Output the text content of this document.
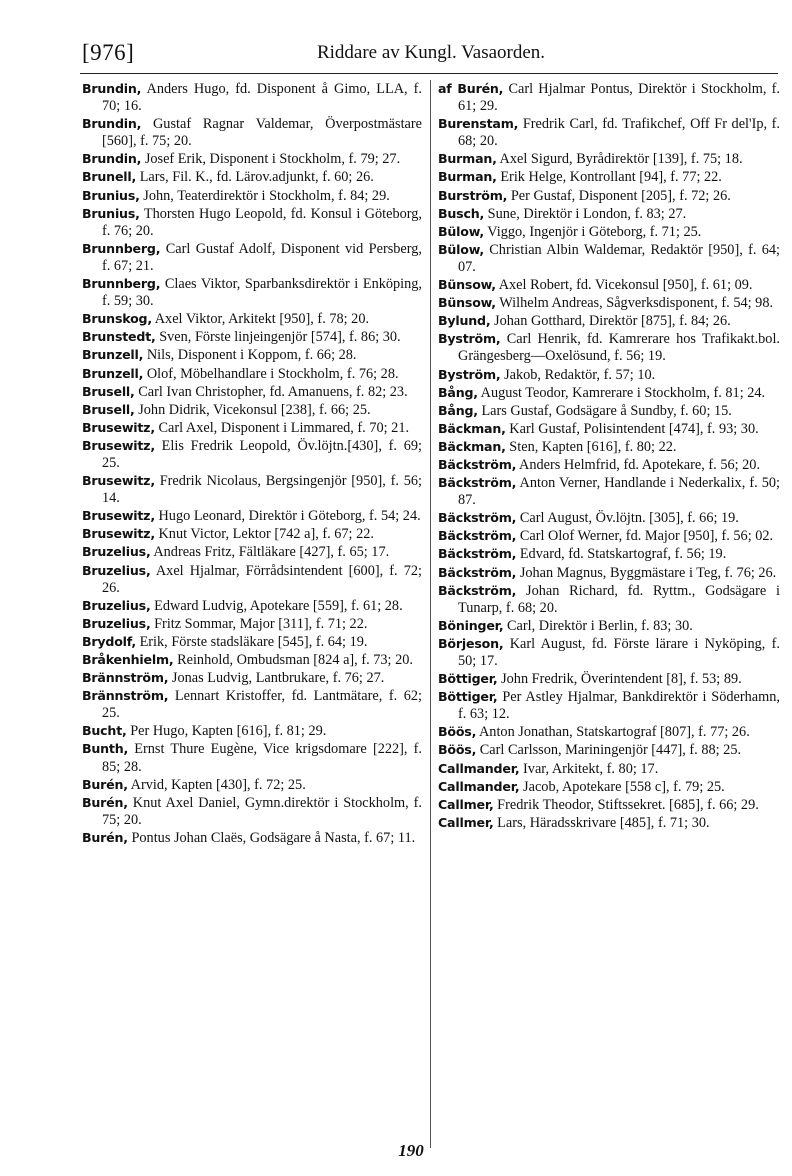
[976]	Riddare av Kungl. Vasaorden.

Brundin, Anders Hugo, fd. Disponent å Gimo, LLA, f. 70; 16.

Brundin, Gustaf Ragnar Valdemar, Överpostmästare [560], f. 75; 20.

Brundin, Josef Erik, Disponent i Stockholm, f. 79; 27.

Brunell, Lars, Fil. K., fd. Lärov.adjunkt, f. 60; 26.

Brunius, John, Teaterdirektör i Stockholm, f. 84; 29.

Brunius, Thorsten Hugo Leopold, fd. Konsul i Göteborg, f. 76; 20.

Brunnberg, Carl Gustaf Adolf, Disponent vid Persberg, f. 67; 21.

Brunnberg, Claes Viktor, Sparbanksdirektör i Enköping, f. 59; 30.

Brunskog, Axel Viktor, Arkitekt [950], f. 78; 20.

Brunstedt, Sven, Förste linjeingenjör [574], f. 86; 30.

Brunzell, Nils, Disponent i Koppom, f. 66; 28.

Brunzell, Olof, Möbelhandlare i Stockholm, f. 76; 28.

Brusell, Carl Ivan Christopher, fd. Amanuens, f. 82; 23.

Brusell, John Didrik, Vicekonsul [238], f. 66; 25.

Brusewitz, Carl Axel, Disponent i Limmared, f. 70; 21.

Brusewitz, Elis Fredrik Leopold, Öv.löjtn.[430], f. 69; 25.

Brusewitz, Fredrik Nicolaus, Bergsingenjör [950], f. 56; 14.

Brusewitz, Hugo Leonard, Direktör i Göteborg, f. 54; 24.

Brusewitz, Knut Victor, Lektor [742 a], f. 67; 22.

Bruzelius, Andreas Fritz, Fältläkare [427], f. 65; 17.

Bruzelius, Axel Hjalmar, Förrådsintendent [600], f. 72; 26.

Bruzelius, Edward Ludvig, Apotekare [559], f. 61; 28.

Bruzelius, Fritz Sommar, Major [311], f. 71; 22.

Brydolf, Erik, Förste stadsläkare [545], f. 64; 19.

Bråkenhielm, Reinhold, Ombudsman [824 a], f. 73; 20.

Brännström, Jonas Ludvig, Lantbrukare, f. 76; 27.

Brännström, Lennart Kristoffer, fd. Lantmätare, f. 62; 25.

Bucht, Per Hugo, Kapten [616], f. 81; 29.

Bunth, Ernst Thure Eugène, Vice krigsdomare [222], f. 85; 28.

Burén, Arvid, Kapten [430], f. 72; 25.

Burén, Knut Axel Daniel, Gymn.direktör i Stockholm, f. 75; 20.

Burén, Pontus Johan Claës, Godsägare å Nasta, f. 67; 11.

af Burén, Carl Hjalmar Pontus, Direktör i Stockholm, f. 61; 29.

Burenstam, Fredrik Carl, fd. Trafikchef, Off Fr del'Ip, f. 68; 20.

Burman, Axel Sigurd, Byrådirektör [139], f. 75; 18.

Burman, Erik Helge, Kontrollant [94], f. 77; 22.

Burström, Per Gustaf, Disponent [205], f. 72; 26.

Busch, Sune, Direktör i London, f. 83; 27.

Bülow, Viggo, Ingenjör i Göteborg, f. 71; 25.

Bülow, Christian Albin Waldemar, Redaktör [950], f. 64; 07.

Bünsow, Axel Robert, fd. Vicekonsul [950], f. 61; 09.

Bünsow, Wilhelm Andreas, Sågverksdisponent, f. 54; 98.

Bylund, Johan Gotthard, Direktör [875], f. 84; 26.

Byström, Carl Henrik, fd. Kamrerare hos Trafikakt.bol. Grängesberg—Oxelösund, f. 56; 19.

Byström, Jakob, Redaktör, f. 57; 10.

Bång, August Teodor, Kamrerare i Stockholm, f. 81; 24.

Bång, Lars Gustaf, Godsägare å Sundby, f. 60; 15.

Bäckman, Karl Gustaf, Polisintendent [474], f. 93; 30.

Bäckman, Sten, Kapten [616], f. 80; 22.

Bäckström, Anders Helmfrid, fd. Apotekare, f. 56; 20.

Bäckström, Anton Verner, Handlande i Nederkalix, f. 50; 87.

Bäckström, Carl August, Öv.löjtn. [305], f. 66; 19.

Bäckström, Carl Olof Werner, fd. Major [950], f. 56; 02.

Bäckström, Edvard, fd. Statskartograf, f. 56; 19.

Bäckström, Johan Magnus, Byggmästare i Teg, f. 76; 26.

Bäckström, Johan Richard, fd. Ryttm., Godsägare i Tunarp, f. 68; 20.

Böninger, Carl, Direktör i Berlin, f. 83; 30.

Börjeson, Karl August, fd. Förste lärare i Nyköping, f. 50; 17.

Böttiger, John Fredrik, Överintendent [8], f. 53; 89.

Böttiger, Per Astley Hjalmar, Bankdirektör i Söderhamn, f. 63; 12.

Böös, Anton Jonathan, Statskartograf [807], f. 77; 26.

Böös, Carl Carlsson, Mariningenjör [447], f. 88; 25.

Callmander, Ivar, Arkitekt, f. 80; 17.

Callmander, Jacob, Apotekare [558 c], f. 79; 25.

Callmer, Fredrik Theodor, Stiftssekret. [685], f. 66; 29.

Callmer, Lars, Häradsskrivare [485], f. 71; 30.

190
